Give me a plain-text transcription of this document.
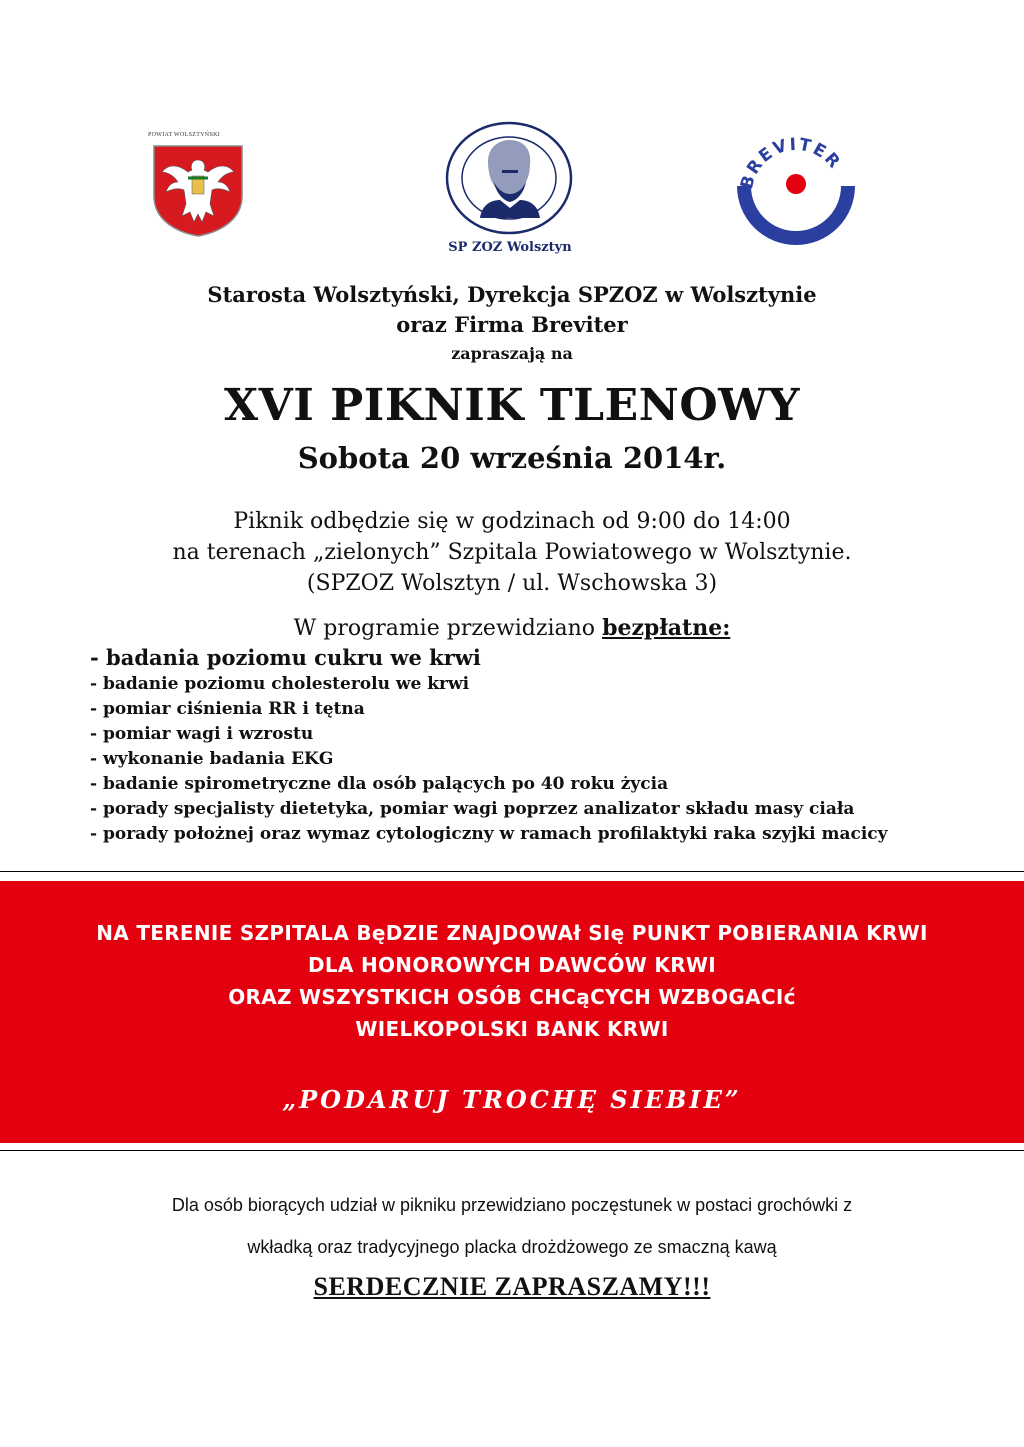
POWIAT WOLSZTYŃSKI
SP ZOZ Wolsztyn
BREVITER
Starosta Wolsztyński, Dyrekcja SPZOZ w Wolsztynie
oraz Firma Breviter
zapraszają na
XVI PIKNIK TLENOWY
Sobota 20 września 2014r.
Piknik odbędzie się w godzinach od 9:00 do 14:00
na terenach „zielonych” Szpitala Powiatowego w Wolsztynie.
(SPZOZ Wolsztyn / ul. Wschowska 3)
W programie przewidziano bezpłatne:
- badania poziomu cukru we krwi
- badanie poziomu cholesterolu we krwi
- pomiar ciśnienia RR i tętna
- pomiar wagi i wzrostu
- wykonanie badania EKG
- badanie spirometryczne dla osób palących po 40 roku życia
- porady specjalisty dietetyka, pomiar wagi poprzez analizator składu masy ciała
- porady położnej oraz wymaz cytologiczny w ramach profilaktyki raka szyjki macicy
NA TERENIE SZPITALA BęDZIE ZNAJDOWAł SIę PUNKT POBIERANIA KRWI
DLA HONOROWYCH DAWCÓW KRWI
ORAZ WSZYSTKICH OSÓB CHCąCYCH WZBOGACIć
WIELKOPOLSKI BANK KRWI
„PODARUJ TROCHĘ SIEBIE”
Dla osób biorących udział w pikniku przewidziano poczęstunek w postaci grochówki z
wkładką oraz tradycyjnego placka drożdżowego ze smaczną kawą
SERDECZNIE ZAPRASZAMY!!!
